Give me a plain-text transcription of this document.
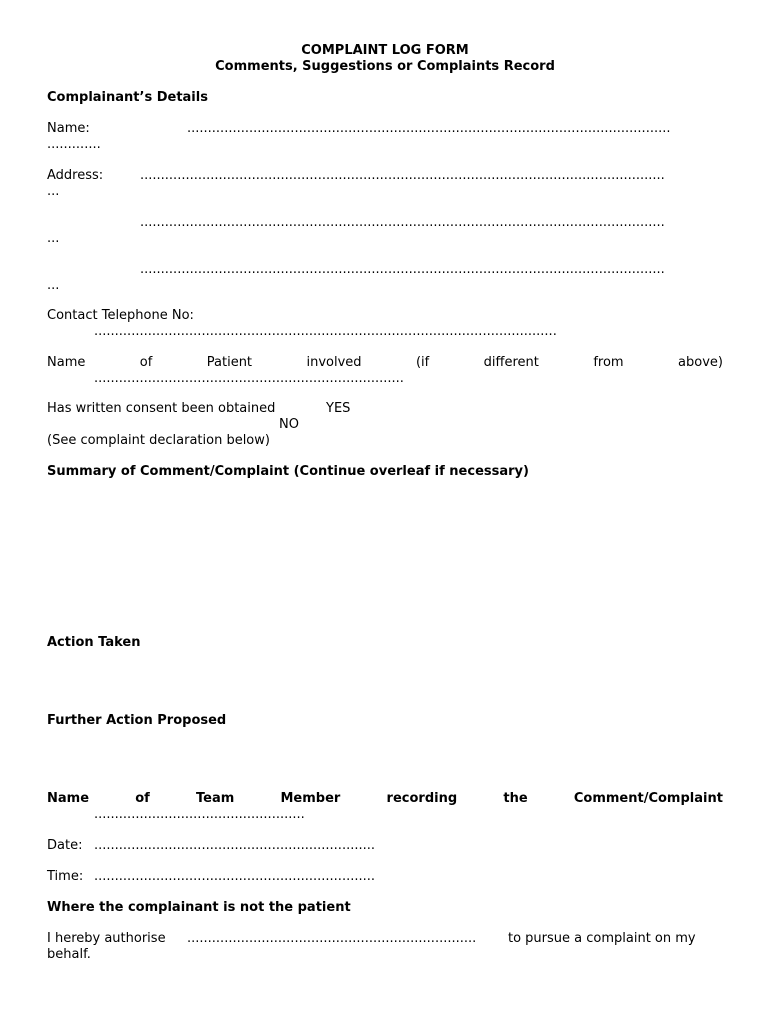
COMPLAINT LOG FORM
Comments, Suggestions or Complaints Record
Complainant’s Details
Name:	.....................................................................................................................
.............
Address:	...............................................................................................................................
...
...............................................................................................................................
...
...............................................................................................................................
...
Contact Telephone No:
................................................................................................................
Name	of	Patient	involved	(if	different	from	above)
...........................................................................
Has written consent been obtained	YES
NO
(See complaint declaration below)
Summary of Comment/Complaint (Continue overleaf if necessary)
Action Taken
Further Action Proposed
Name	of	Team	Member	recording	the	Comment/Complaint
...................................................
Date: ....................................................................
Time: ....................................................................
Where the complainant is not the patient
I hereby authorise ...................................................................... to pursue a complaint on my
behalf.
